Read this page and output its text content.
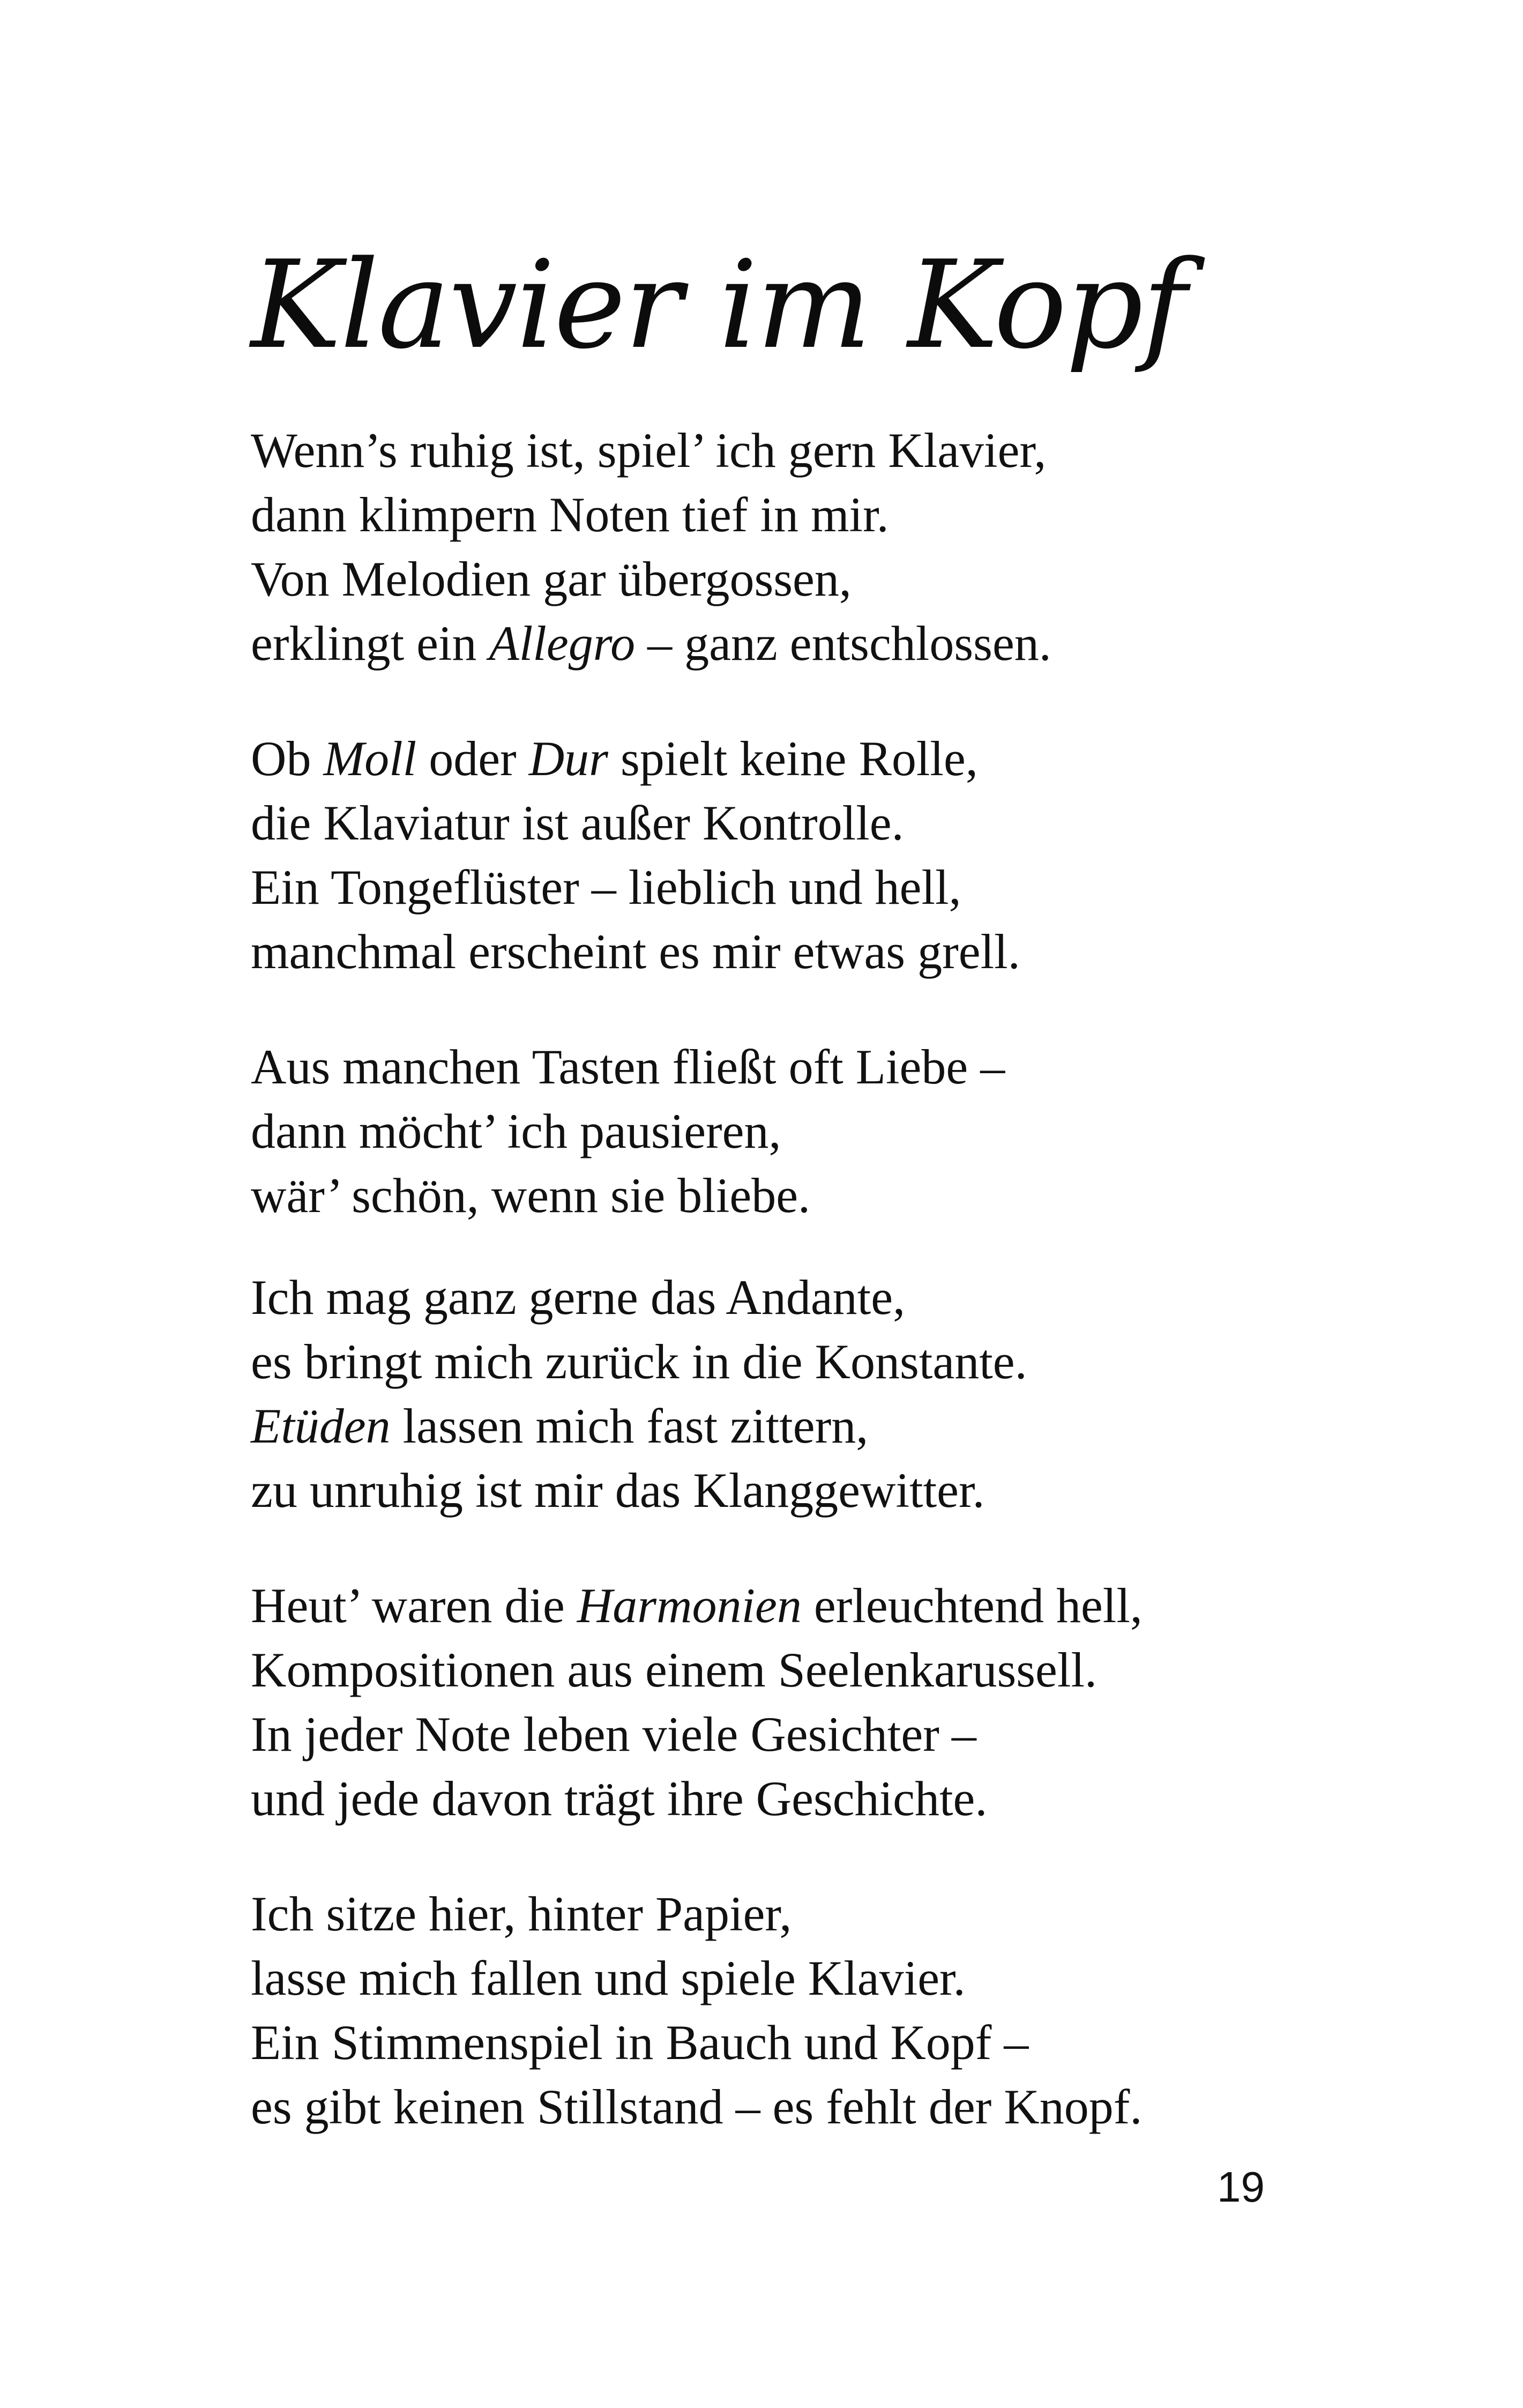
Klavier im Kopf
Wenn’s ruhig ist, spiel’ ich gern Klavier,
dann klimpern Noten tief in mir.
Von Melodien gar übergossen,
erklingt ein Allegro – ganz entschlossen.
Ob Moll oder Dur spielt keine Rolle,
die Klaviatur ist außer Kontrolle.
Ein Tongeflüster – lieblich und hell,
manchmal erscheint es mir etwas grell.
Aus manchen Tasten fließt oft Liebe –
dann möcht’ ich pausieren,
wär’ schön, wenn sie bliebe.
Ich mag ganz gerne das Andante,
es bringt mich zurück in die Konstante.
Etüden lassen mich fast zittern,
zu unruhig ist mir das Klanggewitter.
Heut’ waren die Harmonien erleuchtend hell,
Kompositionen aus einem Seelenkarussell.
In jeder Note leben viele Gesichter –
und jede davon trägt ihre Geschichte.
Ich sitze hier, hinter Papier,
lasse mich fallen und spiele Klavier.
Ein Stimmenspiel in Bauch und Kopf –
es gibt keinen Stillstand – es fehlt der Knopf.
19
